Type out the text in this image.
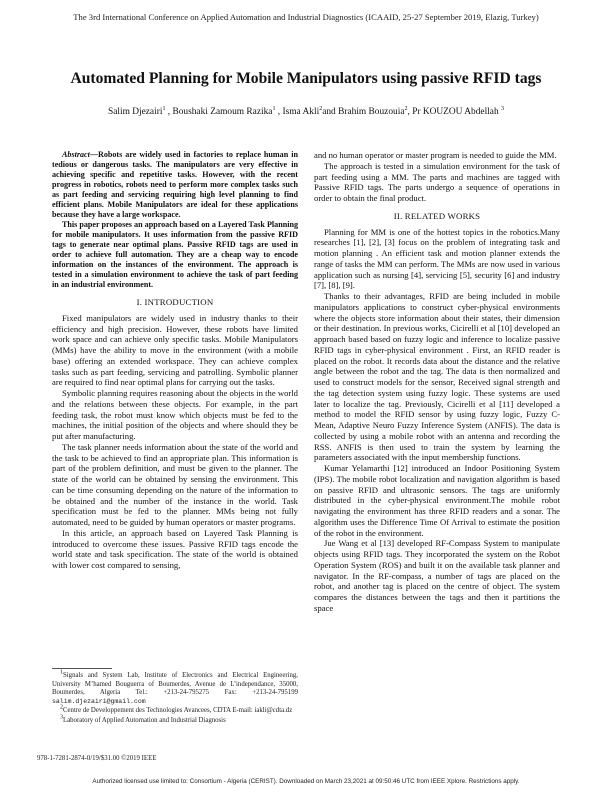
The 3rd International Conference on Applied Automation and Industrial Diagnostics (ICAAID, 25-27 September 2019, Elazig, Turkey)
Automated Planning for Mobile Manipulators using passive RFID tags
Salim Djezairi$^1$ , Boushaki Zamoum Razika$^1$ , Isma Akli$^2$and Brahim Bouzouia$^2$, Pr KOUZOU Abdellah $^3$

Abstract—Robots are widely used in factories to replace human in tedious or dangerous tasks. The manipulators are very effective in achieving specific and repetitive tasks. However, with the recent progress in robotics, robots need to perform more complex tasks such as part feeding and servicing requiring high level planning to find efficient plans. Mobile Manipulators are ideal for these applications because they have a large workspace.

This paper proposes an approach based on a Layered Task Planning for mobile manipulators. It uses information from the passive RFID tags to generate near optimal plans. Passive RFID tags are used in order to achieve full automation. They are a cheap way to encode information on the instances of the environment. The approach is tested in a simulation environment to achieve the task of part feeding in an industrial environment.

I. INTRODUCTION

Fixed manipulators are widely used in industry thanks to their efficiency and high precision. However, these robots have limited work space and can achieve only specific tasks. Mobile Manipulators (MMs) have the ability to move in the environment (with a mobile base) offering an extended workspace. They can achieve complex tasks such as part feeding, servicing and patrolling. Symbolic planner are required to find near optimal plans for carrying out the tasks.

Symbolic planning requires reasoning about the objects in the world and the relations between these objects. For example, in the part feeding task, the robot must know which objects must be fed to the machines, the initial position of the objects and where should they be put after manufacturing.

The task planner needs information about the state of the world and the task to be achieved to find an appropriate plan. This information is part of the problem definition, and must be given to the planner. The state of the world can be obtained by sensing the environment. This can be time consuming depending on the nature of the information to be obtained and the number of the instance in the world. Task specification must be fed to the planner. MMs being not fully automated, need to be guided by human operators or master programs.

In this article, an approach based on Layered Task Planning is introduced to overcome these issues. Passive RFID tags encode the world state and task specification. The state of the world is obtained with lower cost compared to sensing,

$^1$Signals and System Lab, Institute of Electronics and Electrical Engineering, University M’hamed Bouguerra of Boumerdes, Avenue de L’independance, 35000, Boumerdes, Algeria Tel.: +213-24-795275 Fax: +213-24-795199 salim.djezairi@gmail.com

$^2$Centre de Developpement des Technologies Avancees, CDTA E-mail: iakli@cdta.dz

$^3$Laboratory of Applied Automation and Industrial Diagnosis

and no human operator or master program is needed to guide the MM.

The approach is tested in a simulation environment for the task of part feeding using a MM. The parts and machines are tagged with Passive RFID tags. The parts undergo a sequence of operations in order to obtain the final product.

II. RELATED WORKS

Planning for MM is one of the hottest topics in the robotics.Many researches [1], [2], [3] focus on the problem of integrating task and motion planning . An efficient task and motion planner extends the range of tasks the MM can perform. The MMs are now used in various application such as nursing [4], servicing [5], security [6] and industry [7], [8], [9].

Thanks to their advantages, RFID are being included in mobile manipulators applications to construct cyber-physical environments where the objects store information about their states, their dimension or their destination. In previous works, Cicirelli et al [10] developed an approach based based on fuzzy logic and inference to localize passive RFID tags in cyber-physical environment . First, an RFID reader is placed on the robot. It records data about the distance and the relative angle between the robot and the tag. The data is then normalized and used to construct models for the sensor, Received signal strength and the tag detection system using fuzzy logic. These systems are used later to localize the tag. Previously, Cicirelli et al [11] developed a method to model the RFID sensor by using fuzzy logic, Fuzzy C-Mean, Adaptive Neuro Fuzzy Inference System (ANFIS). The data is collected by using a mobile robot with an antenna and recording the RSS. ANFIS is then used to train the system by learning the parameters associated with the input membership functions.

Kumar Yelamarthi [12] introduced an Indoor Positioning System (IPS). The mobile robot localization and navigation algorithm is based on passive RFID and ultrasonic sensors. The tags are uniformly distributed in the cyber-physical environment.The mobile robot navigating the environment has three RFID readers and a sonar. The algorithm uses the Difference Time Of Arrival to estimate the position of the robot in the environment.

Jue Wang et al [13] developed RF-Compass System to manipulate objects using RFID tags. They incorporated the system on the Robot Operation System (ROS) and built it on the available task planner and navigator. In the RF-compass, a number of tags are placed on the robot, and another tag is placed on the centre of object. The system compares the distances between the tags and then it partitions the space

978-1-7281-2874-0/19/$31.00 ©2019 IEEE
Authorized licensed use limited to: Consortium - Algeria (CERIST). Downloaded on March 23,2021 at 09:50:46 UTC from IEEE Xplore. Restrictions apply.
